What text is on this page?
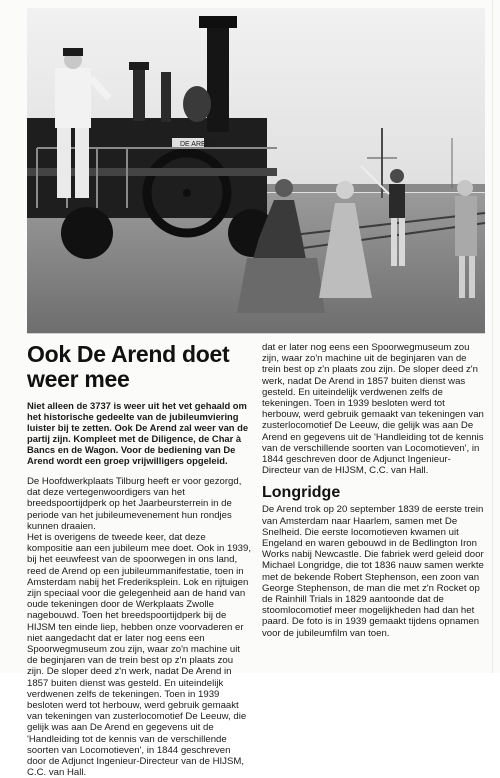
DE AREND
Ook De Arend doet weer mee

Niet alleen de 3737 is weer uit het vet gehaald om het historische gedeelte van de jubileumviering luister bij te zetten. Ook De Arend zal weer van de partij zijn. Kompleet met de Diligence, de Char à Bancs en de Wagon. Voor de bediening van De Arend wordt een groep vrijwilligers opgeleid.

De Hoofdwerkplaats Tilburg heeft er voor gezorgd, dat deze vertegenwoordigers van het breedspoortijdperk op het Jaarbeursterrein in de periode van het jubileumevenement hun rondjes kunnen draaien.

Het is overigens de tweede keer, dat deze kompositie aan een jubileum mee doet. Ook in 1939, bij het eeuwfeest van de spoorwegen in ons land, reed de Arend op een jubileummanifestatie, toen in Amsterdam nabij het Frederiksplein. Lok en rijtuigen zijn speciaal voor die gelegenheid aan de hand van oude tekeningen door de Werkplaats Zwolle nagebouwd. Toen het breedspoortijdperk bij de HIJSM ten einde liep, hebben onze voorvaderen er niet aangedacht dat er later nog eens een Spoorwegmuseum zou zijn, waar zo'n machine uit de beginjaren van de trein best op z'n plaats zou zijn. De sloper deed z'n werk, nadat De Arend in 1857 buiten dienst was gesteld. En uiteindelijk verdwenen zelfs de tekeningen. Toen in 1939 besloten werd tot herbouw, werd gebruik gemaakt van tekeningen van zusterlocomotief De Leeuw, die gelijk was aan De Arend en gegevens uit de 'Handleiding tot de kennis van de verschillende soorten van Locomotieven', in 1844 geschreven door de Adjunct Ingenieur-Directeur van de HIJSM, C.C. van Hall.

dat er later nog eens een Spoorwegmuseum zou zijn, waar zo'n machine uit de beginjaren van de trein best op z'n plaats zou zijn. De sloper deed z'n werk, nadat De Arend in 1857 buiten dienst was gesteld. En uiteindelijk verdwenen zelfs de tekeningen. Toen in 1939 besloten werd tot herbouw, werd gebruik gemaakt van tekeningen van zusterlocomotief De Leeuw, die gelijk was aan De Arend en gegevens uit de 'Handleiding tot de kennis van de verschillende soorten van Locomotieven', in 1844 geschreven door de Adjunct Ingenieur-Directeur van de HIJSM, C.C. van Hall.

Longridge

De Arend trok op 20 september 1839 de eerste trein van Amsterdam naar Haarlem, samen met De Snelheid. Die eerste locomotieven kwamen uit Engeland en waren gebouwd in de Bedlington Iron Works nabij Newcastle. Die fabriek werd geleid door Michael Longridge, die tot 1836 nauw samen werkte met de bekende Robert Stephenson, een zoon van George Stephenson, de man die met z'n Rocket op de Rainhill Trials in 1829 aantoonde dat de stoomlocomotief meer mogelijkheden had dan het paard. De foto is in 1939 gemaakt tijdens opnamen voor de jubileumfilm van toen.
